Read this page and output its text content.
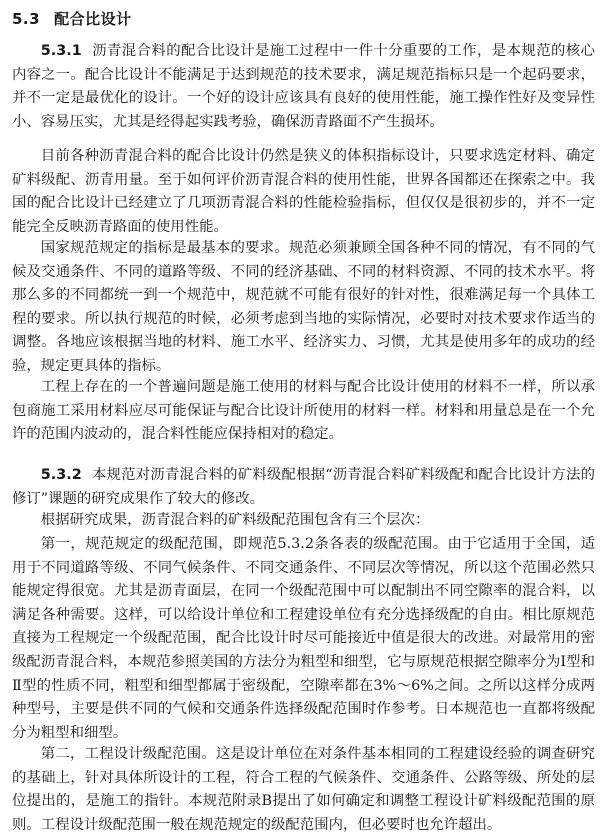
5.3 配合比设计
5.3.1 沥青混合料的配合比设计是施工过程中一件十分重要的工作，是本规范的核心内容之一。配合比设计不能满足于达到规范的技术要求，满足规范指标只是一个起码要求，并不一定是最优化的设计。一个好的设计应该具有良好的使用性能，施工操作性好及变异性小、容易压实，尤其是经得起实践考验，确保沥青路面不产生损坏。
目前各种沥青混合料的配合比设计仍然是狭义的体积指标设计，只要求选定材料、确定矿料级配、沥青用量。至于如何评价沥青混合料的使用性能，世界各国都还在探索之中。我国的配合比设计已经建立了几项沥青混合料的性能检验指标，但仅仅是很初步的，并不一定能完全反映沥青路面的使用性能。
国家规范规定的指标是最基本的要求。规范必须兼顾全国各种不同的情况，有不同的气候及交通条件、不同的道路等级、不同的经济基础、不同的材料资源、不同的技术水平。将那么多的不同都统一到一个规范中，规范就不可能有很好的针对性，很难满足每一个具体工程的要求。所以执行规范的时候，必须考虑到当地的实际情况，必要时对技术要求作适当的调整。各地应该根据当地的材料、施工水平、经济实力、习惯，尤其是使用多年的成功的经验，规定更具体的指标。
工程上存在的一个普遍问题是施工使用的材料与配合比设计使用的材料不一样，所以承包商施工采用材料应尽可能保证与配合比设计所使用的材料一样。材料和用量总是在一个允许的范围内波动的，混合料性能应保持相对的稳定。
5.3.2 本规范对沥青混合料的矿料级配根据“沥青混合料矿料级配和配合比设计方法的修订”课题的研究成果作了较大的修改。
根据研究成果，沥青混合料的矿料级配范围包含有三个层次：
第一，规范规定的级配范围，即规范5.3.2条各表的级配范围。由于它适用于全国，适用于不同道路等级、不同气候条件、不同交通条件、不同层次等情况，所以这个范围必然只能规定得很宽。尤其是沥青面层，在同一个级配范围中可以配制出不同空隙率的混合料，以满足各种需要。这样，可以给设计单位和工程建设单位有充分选择级配的自由。相比原规范直接为工程规定一个级配范围，配合比设计时尽可能接近中值是很大的改进。对最常用的密级配沥青混合料，本规范参照美国的方法分为粗型和细型，它与原规范根据空隙率分为Ⅰ型和Ⅱ型的性质不同，粗型和细型都属于密级配，空隙率都在3%～6%之间。之所以这样分成两种型号，主要是供不同的气候和交通条件选择级配范围时作参考。日本规范也一直都将级配分为粗型和细型。
第二，工程设计级配范围。这是设计单位在对条件基本相同的工程建设经验的调查研究的基础上，针对具体所设计的工程，符合工程的气候条件、交通条件、公路等级、所处的层位提出的，是施工的指针。本规范附录B提出了如何确定和调整工程设计矿料级配范围的原则。工程设计级配范围一般在规范规定的级配范围内，但必要时也允许超出。
